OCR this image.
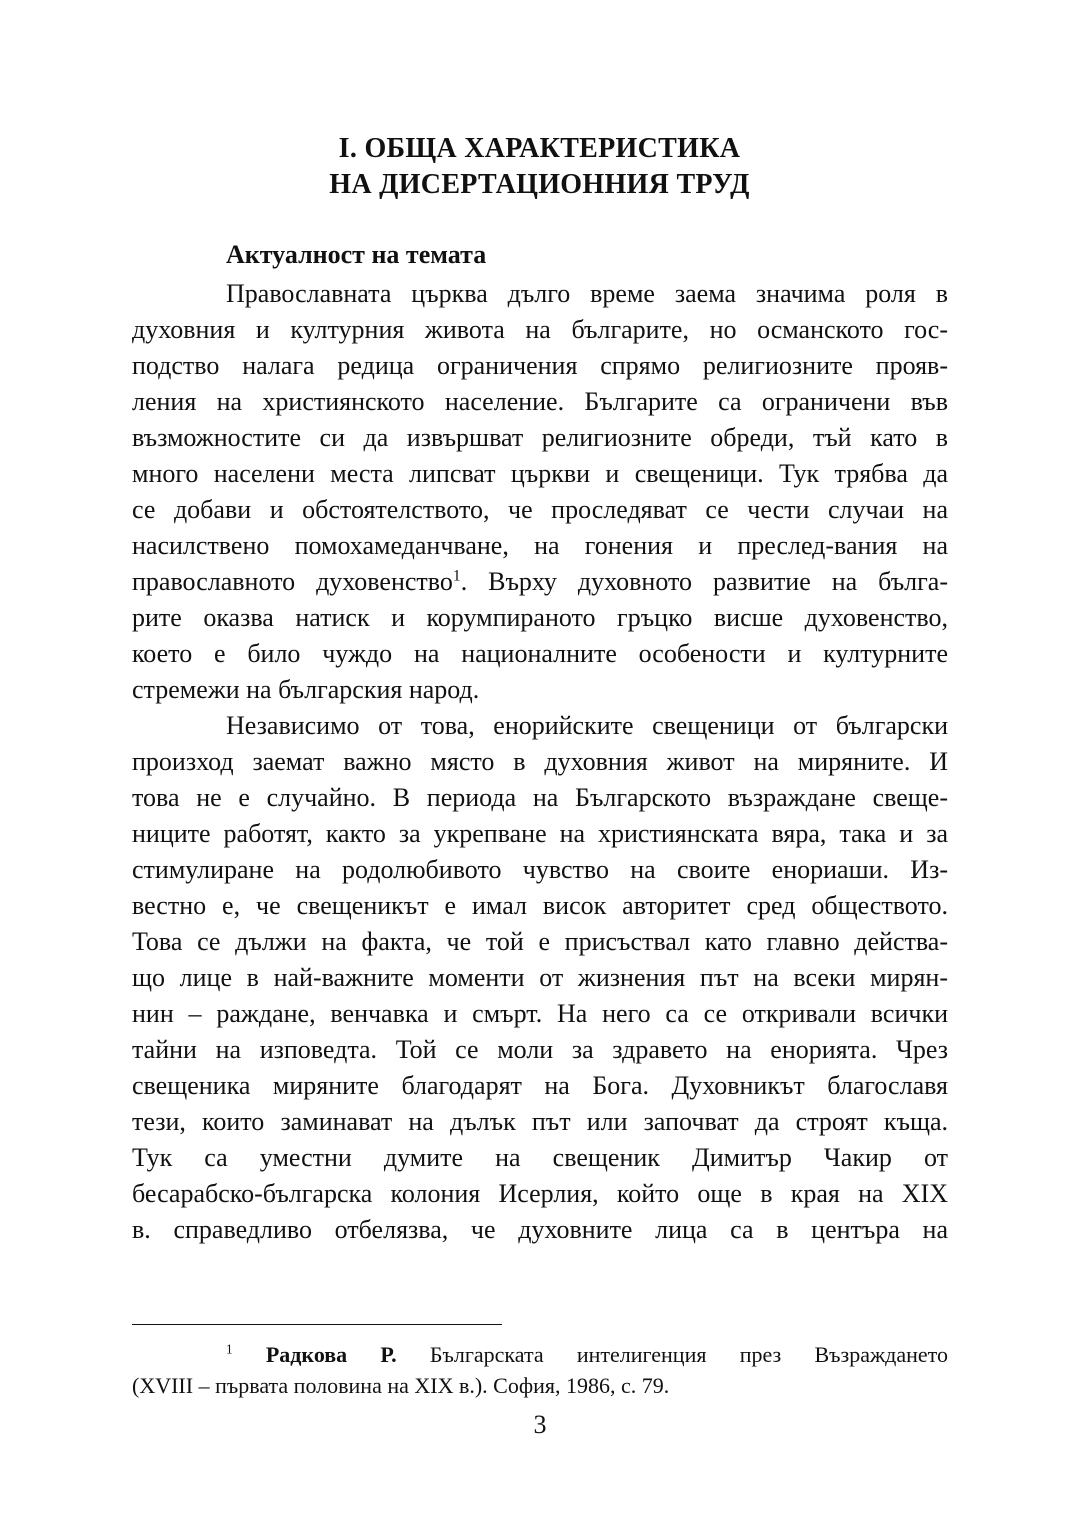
I. ОБЩА ХАРАКТЕРИСТИКА
НА ДИСЕРТАЦИОННИЯ ТРУД
Актуалност на темата
Православната църква дълго време заема значима роля в
духовния и културния живота на българите, но османското гос-
подство налага редица ограничения спрямо религиозните прояв-
ления на християнското население. Българите са ограничени във
възможностите си да извършват религиозните обреди, тъй като в
много населени места липсват църкви и свещеници. Тук трябва да
се добави и обстоятелството, че проследяват се чести случаи на
насилствено помохамеданчване, на гонения и преслед-вания на
православното духовенство$^1$. Върху духовното развитие на бълга-
рите оказва натиск и корумпираното гръцко висше духовенство,
което е било чуждо на националните особености и културните
стремежи на българския народ.
Независимо от това, енорийските свещеници от български
произход заемат важно място в духовния живот на миряните. И
това не е случайно. В периода на Българското възраждане свеще-
ниците работят, както за укрепване на християнската вяра, така и за
стимулиране на родолюбивото чувство на своите енориаши. Из-
вестно е, че свещеникът е имал висок авторитет сред обществото.
Това се дължи на факта, че той е присъствал като главно действа-
що лице в най-важните моменти от жизнения път на всеки мирян-
нин – раждане, венчавка и смърт. На него са се откривали всички
тайни на изповедта. Той се моли за здравето на енорията. Чрез
свещеника миряните благодарят на Бога. Духовникът благославя
тези, които заминават на дълък път или започват да строят къща.
Тук са уместни думите на свещеник Димитър Чакир от
бесарабско-българска колония Исерлия, който още в края на XIX
в. справедливо отбелязва, че духовните лица са в центъра на
$^1$ Радкова Р. Българската интелигенция през Възраждането
(XVIII – първата половина на XIX в.). София, 1986, с. 79.
3
